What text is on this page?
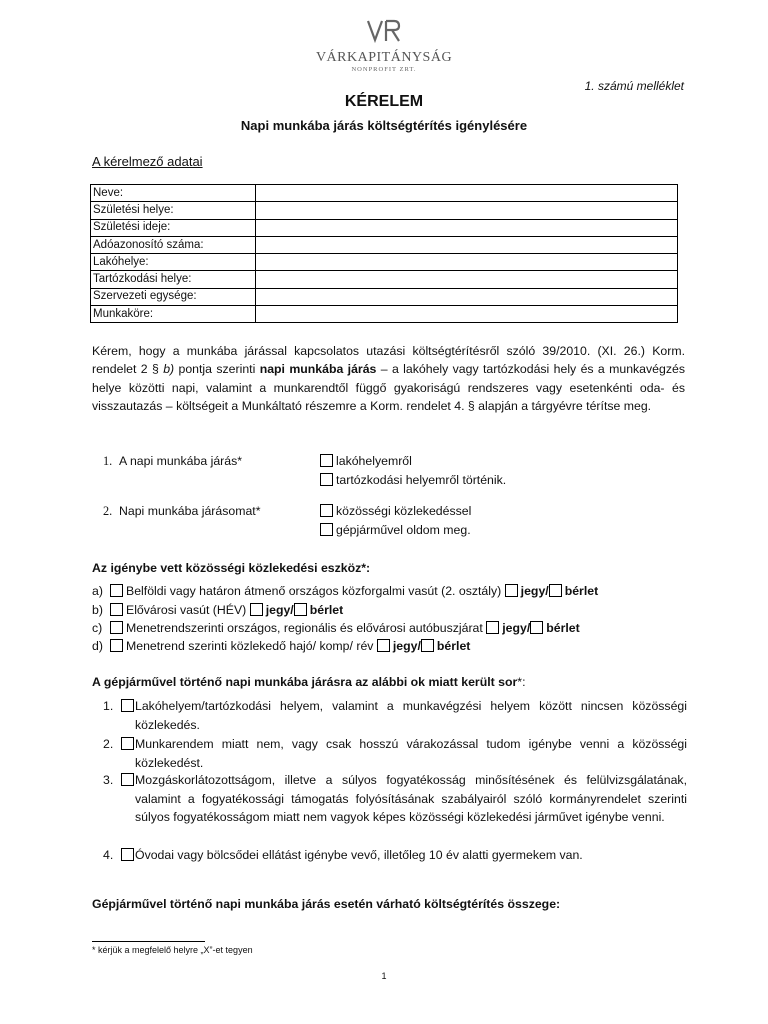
VÁRKAPITÁNYSÁG
NONPROFIT ZRT.
1. számú melléklet
KÉRELEM
Napi munkába járás költségtérítés igénylésére
A kérelmező adatai
Neve:	
Születési helye:	
Születési ideje:	
Adóazonosító száma:	
Lakóhelye:	
Tartózkodási helye:	
Szervezeti egysége:	
Munkaköre:	
Kérem, hogy a munkába járással kapcsolatos utazási költségtérítésről szóló 39/2010. (XI. 26.) Korm. rendelet 2 § b) pontja szerinti napi munkába járás – a lakóhely vagy tartózkodási hely és a munkavégzés helye közötti napi, valamint a munkarendtől függő gyakoriságú rendszeres vagy esetenkénti oda- és visszautazás – költségeit a Munkáltató részemre a Korm. rendelet 4. § alapján a tárgyévre térítse meg.
1. A napi munkába járás*	lakóhelyemről
tartózkodási helyemről történik.
2. Napi munkába járásomat*	közösségi közlekedéssel
gépjárművel oldom meg.
Az igénybe vett közösségi közlekedési eszköz*:
a) Belföldi vagy határon átmenő országos közforgalmi vasút (2. osztály) jegy/ bérlet
b) Elővárosi vasút (HÉV) jegy/ bérlet
c) Menetrendszerinti országos, regionális és elővárosi autóbuszjárat jegy/ bérlet
d) Menetrend szerinti közlekedő hajó/ komp/ rév jegy/ bérlet
A gépjárművel történő napi munkába járásra az alábbi ok miatt került sor*:
1.	Lakóhelyem/tartózkodási helyem, valamint a munkavégzési helyem között nincsen közösségi közlekedés.
2.	Munkarendem miatt nem, vagy csak hosszú várakozással tudom igénybe venni a közösségi közlekedést.
3.	Mozgáskorlátozottságom, illetve a súlyos fogyatékosság minősítésének és felülvizsgálatának, valamint a fogyatékossági támogatás folyósításának szabályairól szóló kormányrendelet szerinti súlyos fogyatékosságom miatt nem vagyok képes közösségi közlekedési járművet igénybe venni.
4.	Óvodai vagy bölcsődei ellátást igénybe vevő, illetőleg 10 év alatti gyermekem van.
Gépjárművel történő napi munkába járás esetén várható költségtérítés összege:
* kérjük a megfelelő helyre „X”-et tegyen
1
